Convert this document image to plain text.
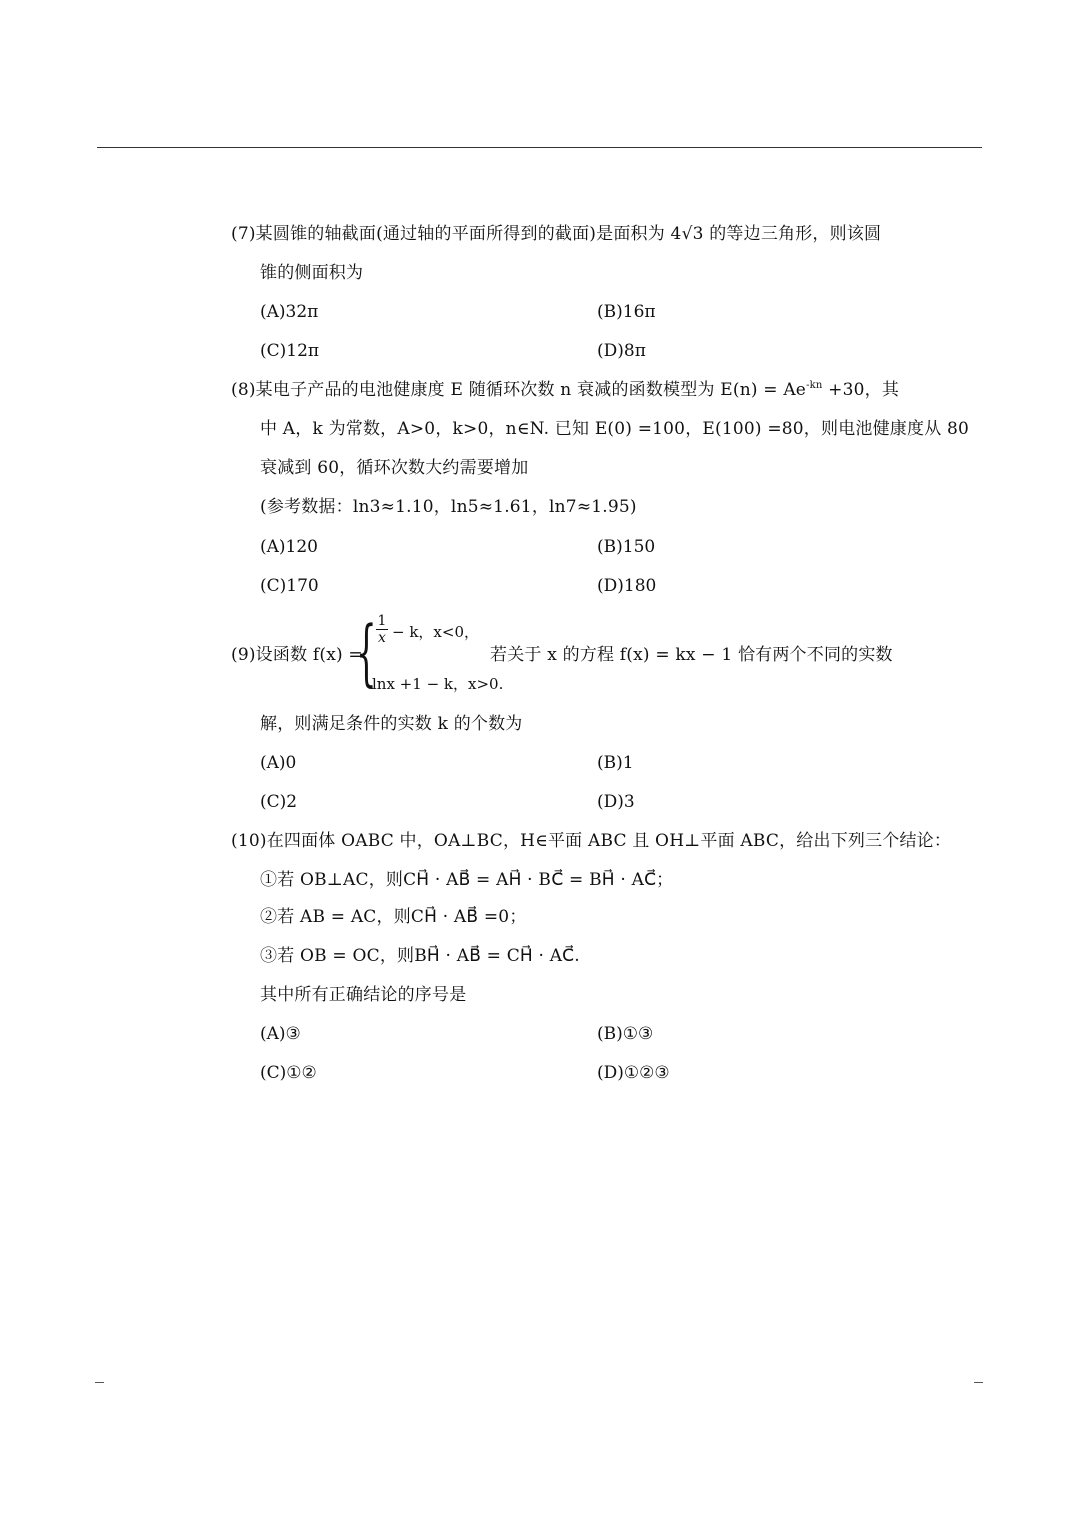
(7)某圆锥的轴截面(通过轴的平面所得到的截面)是面积为 4√3 的等边三角形，则该圆
锥的侧面积为
(A)32π	(B)16π
(C)12π	(D)8π
(8)某电子产品的电池健康度 E 随循环次数 n 衰减的函数模型为 $E(n) = Ae^{-kn} +30$，其
中 A，k 为常数，A>0，k>0，n∈N. 已知 E(0) =100，E(100) =80，则电池健康度从 80
衰减到 60，循环次数大约需要增加
(参考数据：ln3≈1.10，ln5≈1.61，ln7≈1.95)
(A)120	(B)150
(C)170	(D)180
(9)设函数 f(x) =
{ $\frac{1}{x} - k$，x<0，
lnx +1 − k，x>0.
若关于 x 的方程 f(x) = kx − 1 恰有两个不同的实数
解，则满足条件的实数 k 的个数为
(A)0	(B)1
(C)2	(D)3
(10)在四面体 OABC 中，OA⊥BC，H∈平面 ABC 且 OH⊥平面 ABC，给出下列三个结论：
①若 OB⊥AC，则CH⃗ · AB⃗ = AH⃗ · BC⃗ = BH⃗ · AC⃗；
②若 AB = AC，则CH⃗ · AB⃗ =0；
③若 OB = OC，则BH⃗ · AB⃗ = CH⃗ · AC⃗.
其中所有正确结论的序号是
(A)③	(B)①③
(C)①②	(D)①②③
